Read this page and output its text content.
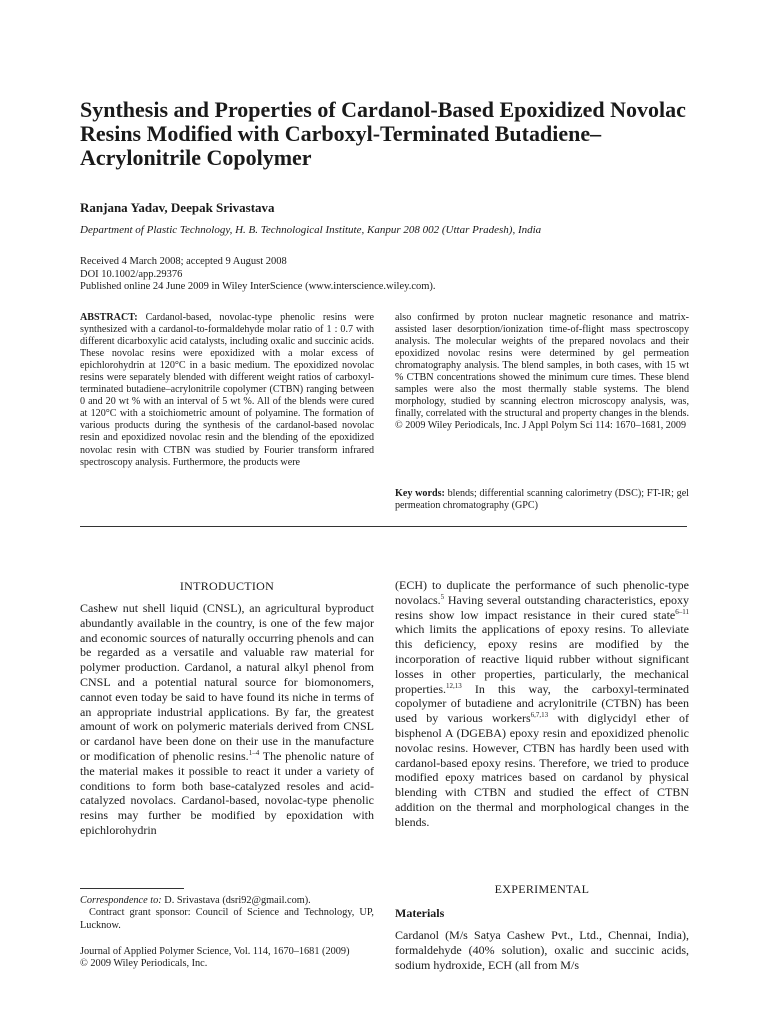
Synthesis and Properties of Cardanol-Based Epoxidized Novolac Resins Modified with Carboxyl-Terminated Butadiene–Acrylonitrile Copolymer
Ranjana Yadav, Deepak Srivastava
Department of Plastic Technology, H. B. Technological Institute, Kanpur 208 002 (Uttar Pradesh), India
Received 4 March 2008; accepted 9 August 2008
DOI 10.1002/app.29376
Published online 24 June 2009 in Wiley InterScience (www.interscience.wiley.com).
ABSTRACT: Cardanol-based, novolac-type phenolic resins were synthesized with a cardanol-to-formaldehyde molar ratio of 1 : 0.7 with different dicarboxylic acid catalysts, including oxalic and succinic acids. These novolac resins were epoxidized with a molar excess of epichlorohydrin at 120°C in a basic medium. The epoxidized novolac resins were separately blended with different weight ratios of carboxyl-terminated butadiene–acrylonitrile copolymer (CTBN) ranging between 0 and 20 wt % with an interval of 5 wt %. All of the blends were cured at 120°C with a stoichiometric amount of polyamine. The formation of various products during the synthesis of the cardanol-based novolac resin and epoxidized novolac resin and the blending of the epoxidized novolac resin with CTBN was studied by Fourier transform infrared spectroscopy analysis. Furthermore, the products were
also confirmed by proton nuclear magnetic resonance and matrix-assisted laser desorption/ionization time-of-flight mass spectroscopy analysis. The molecular weights of the prepared novolacs and their epoxidized novolac resins were determined by gel permeation chromatography analysis. The blend samples, in both cases, with 15 wt % CTBN concentrations showed the minimum cure times. These blend samples were also the most thermally stable systems. The blend morphology, studied by scanning electron microscopy analysis, was, finally, correlated with the structural and property changes in the blends. © 2009 Wiley Periodicals, Inc. J Appl Polym Sci 114: 1670–1681, 2009
Key words: blends; differential scanning calorimetry (DSC); FT-IR; gel permeation chromatography (GPC)
INTRODUCTION
Cashew nut shell liquid (CNSL), an agricultural byproduct abundantly available in the country, is one of the few major and economic sources of naturally occurring phenols and can be regarded as a versatile and valuable raw material for polymer production. Cardanol, a natural alkyl phenol from CNSL and a potential natural source for biomonomers, cannot even today be said to have found its niche in terms of an appropriate industrial applications. By far, the greatest amount of work on polymeric materials derived from CNSL or cardanol have been done on their use in the manufacture or modification of phenolic resins.$^{1-4}$ The phenolic nature of the material makes it possible to react it under a variety of conditions to form both base-catalyzed resoles and acid-catalyzed novolacs. Cardanol-based, novolac-type phenolic resins may further be modified by epoxidation with epichlorohydrin
Correspondence to: D. Srivastava (dsri92@gmail.com).
Contract grant sponsor: Council of Science and Technology, UP, Lucknow.
Journal of Applied Polymer Science, Vol. 114, 1670–1681 (2009)
© 2009 Wiley Periodicals, Inc.
(ECH) to duplicate the performance of such phenolic-type novolacs.$^5$ Having several outstanding characteristics, epoxy resins show low impact resistance in their cured state$^{6-11}$ which limits the applications of epoxy resins. To alleviate this deficiency, epoxy resins are modified by the incorporation of reactive liquid rubber without significant losses in other properties, particularly, the mechanical properties.$^{12,13}$ In this way, the carboxyl-terminated copolymer of butadiene and acrylonitrile (CTBN) has been used by various workers$^{6,7,13}$ with diglycidyl ether of bisphenol A (DGEBA) epoxy resin and epoxidized phenolic novolac resins. However, CTBN has hardly been used with cardanol-based epoxy resins. Therefore, we tried to produce modified epoxy matrices based on cardanol by physical blending with CTBN and studied the effect of CTBN addition on the thermal and morphological changes in the blends.
EXPERIMENTAL
Materials
Cardanol (M/s Satya Cashew Pvt., Ltd., Chennai, India), formaldehyde (40% solution), oxalic and succinic acids, sodium hydroxide, ECH (all from M/s
